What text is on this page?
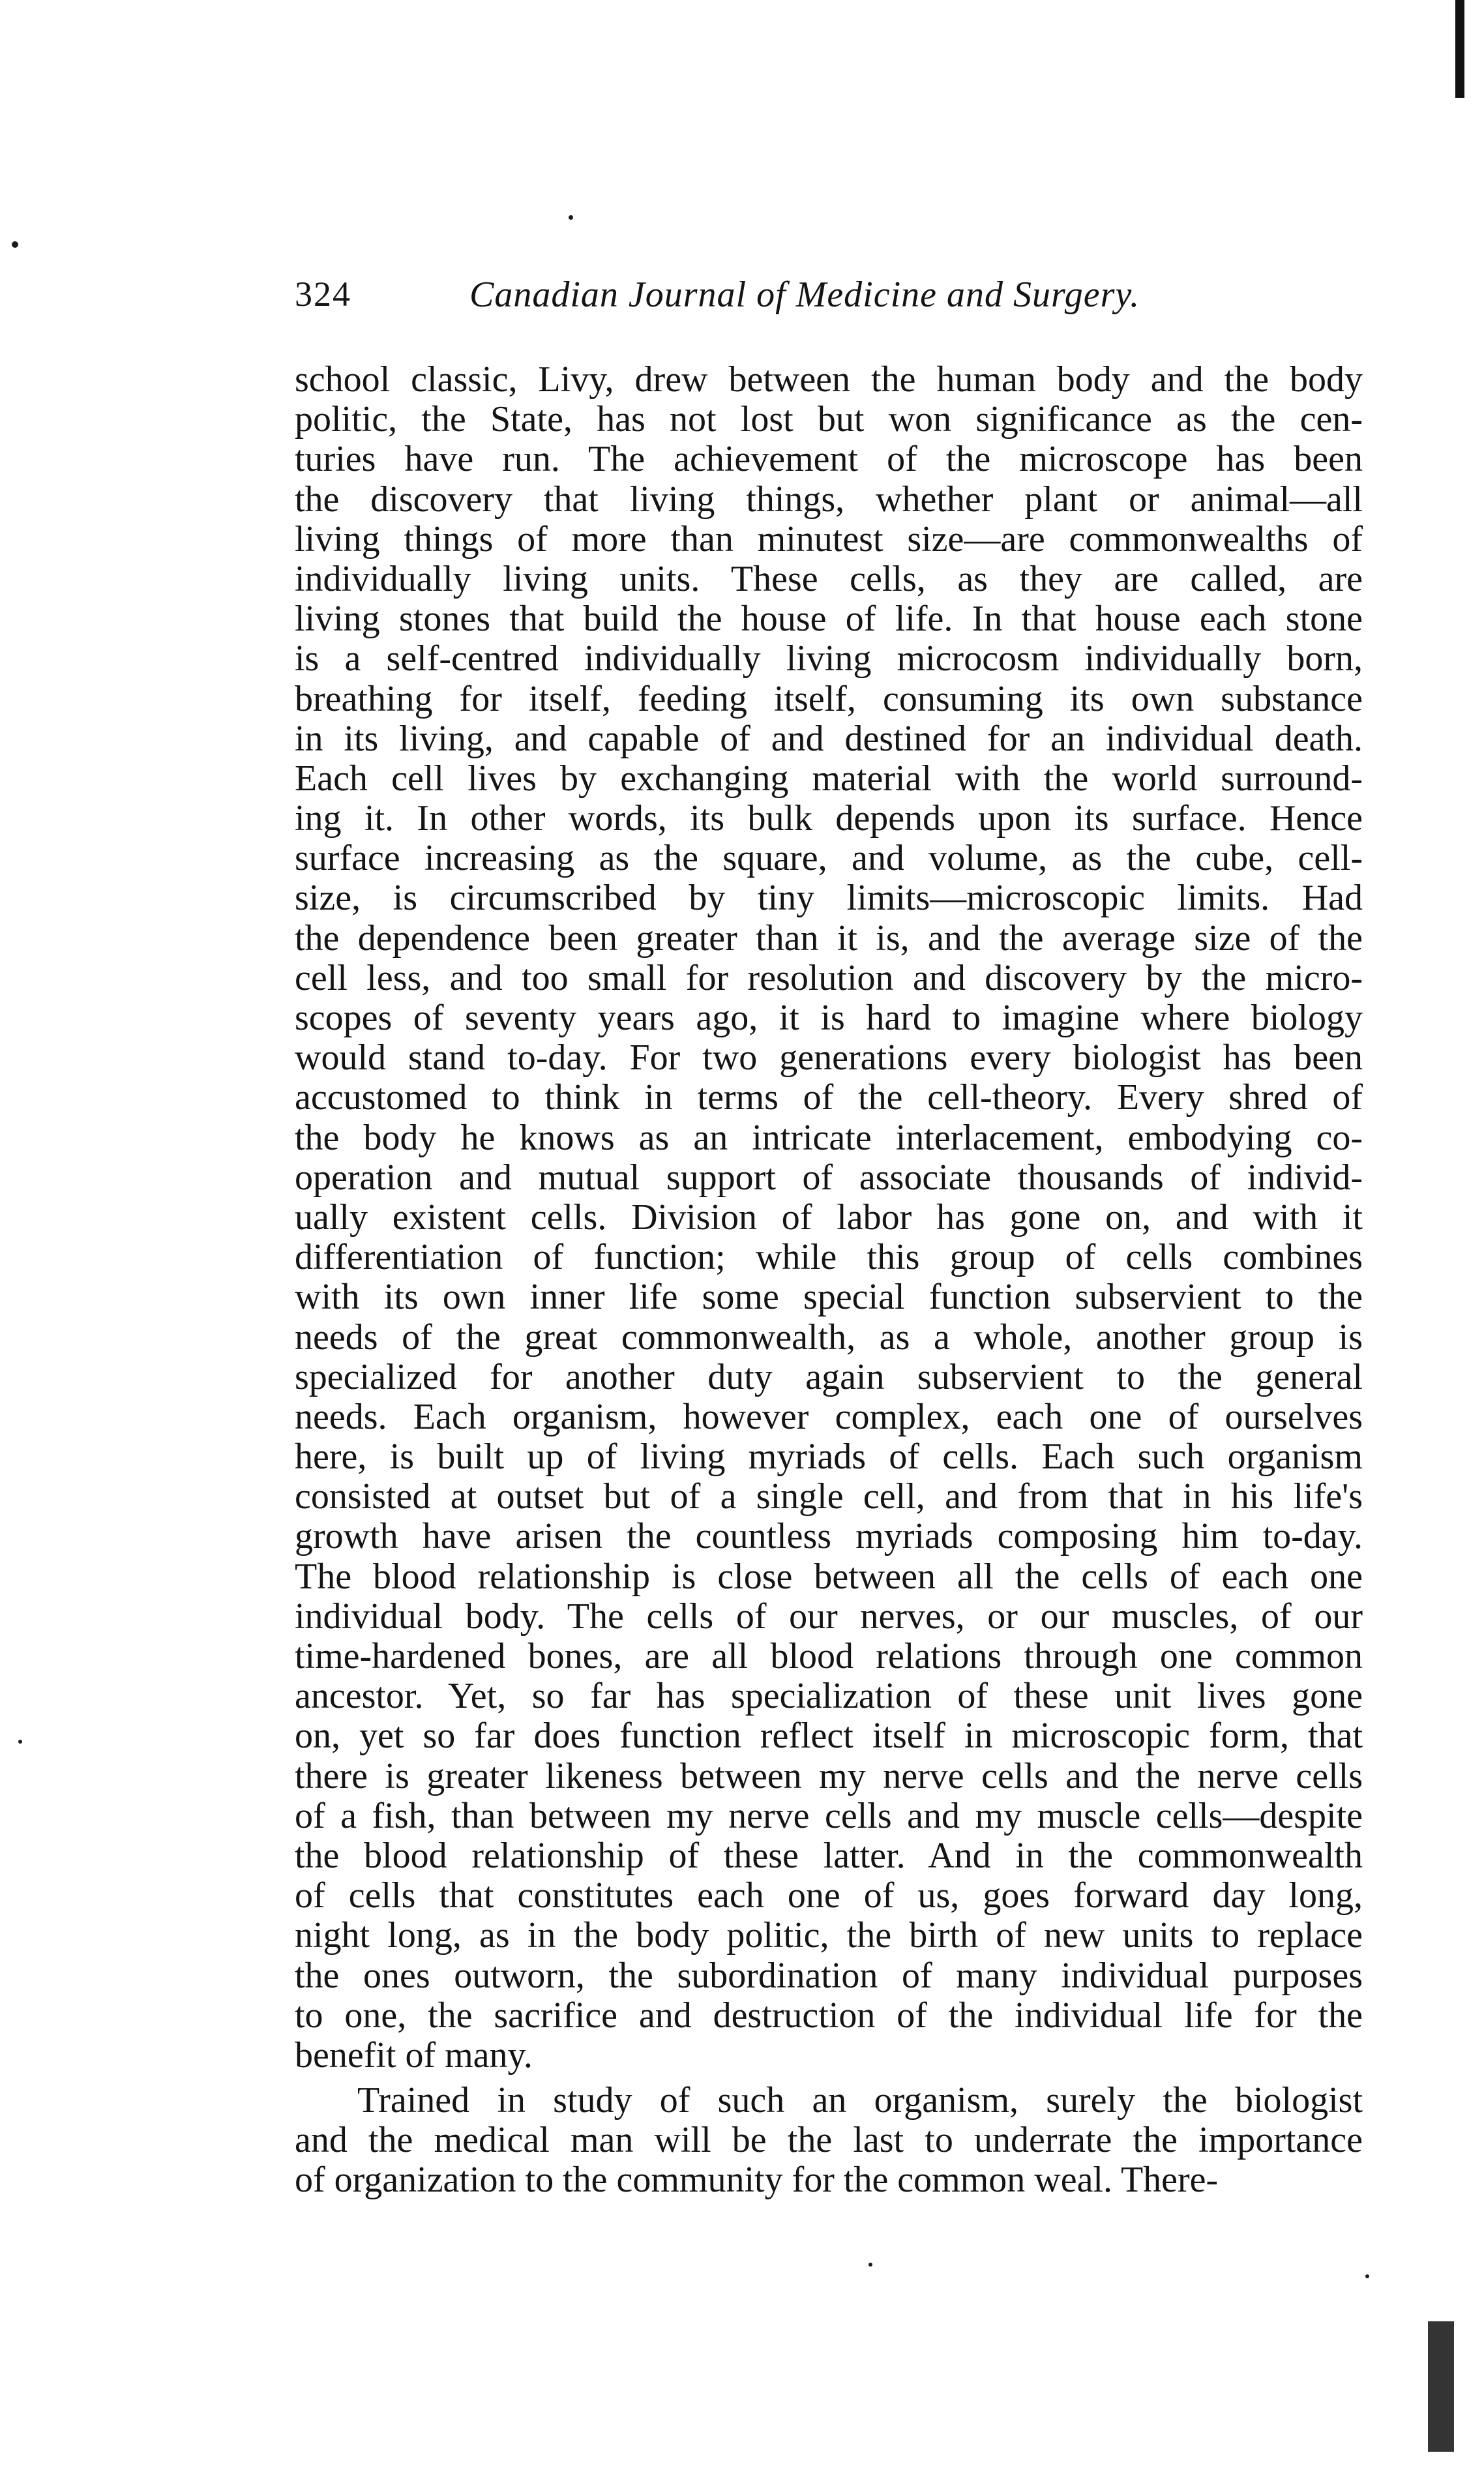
324	Canadian Journal of Medicine and Surgery.
school classic, Livy, drew between the human body and the body
politic, the State, has not lost but won significance as the cen-
turies have run. The achievement of the microscope has been
the discovery that living things, whether plant or animal—all
living things of more than minutest size—are commonwealths of
individually living units. These cells, as they are called, are
living stones that build the house of life. In that house each stone
is a self-centred individually living microcosm individually born,
breathing for itself, feeding itself, consuming its own substance
in its living, and capable of and destined for an individual death.
Each cell lives by exchanging material with the world surround-
ing it. In other words, its bulk depends upon its surface. Hence
surface increasing as the square, and volume, as the cube, cell-
size, is circumscribed by tiny limits—microscopic limits. Had
the dependence been greater than it is, and the average size of the
cell less, and too small for resolution and discovery by the micro-
scopes of seventy years ago, it is hard to imagine where biology
would stand to-day. For two generations every biologist has been
accustomed to think in terms of the cell-theory. Every shred of
the body he knows as an intricate interlacement, embodying co-
operation and mutual support of associate thousands of individ-
ually existent cells. Division of labor has gone on, and with it
differentiation of function; while this group of cells combines
with its own inner life some special function subservient to the
needs of the great commonwealth, as a whole, another group is
specialized for another duty again subservient to the general
needs. Each organism, however complex, each one of ourselves
here, is built up of living myriads of cells. Each such organism
consisted at outset but of a single cell, and from that in his life's
growth have arisen the countless myriads composing him to-day.
The blood relationship is close between all the cells of each one
individual body. The cells of our nerves, or our muscles, of our
time-hardened bones, are all blood relations through one common
ancestor. Yet, so far has specialization of these unit lives gone
on, yet so far does function reflect itself in microscopic form, that
there is greater likeness between my nerve cells and the nerve cells
of a fish, than between my nerve cells and my muscle cells—despite
the blood relationship of these latter. And in the commonwealth
of cells that constitutes each one of us, goes forward day long,
night long, as in the body politic, the birth of new units to replace
the ones outworn, the subordination of many individual purposes
to one, the sacrifice and destruction of the individual life for the
benefit of many.
Trained in study of such an organism, surely the biologist
and the medical man will be the last to underrate the importance
of organization to the community for the common weal. There-
